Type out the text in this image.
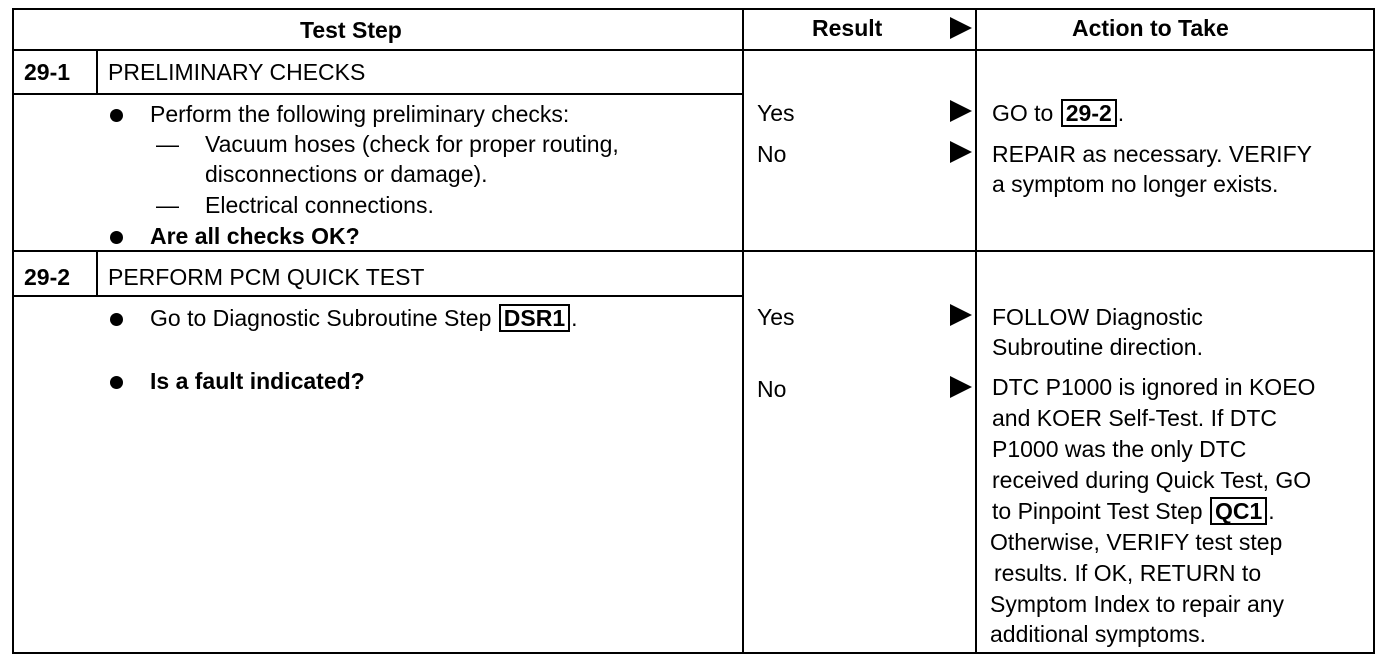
Test Step	Result	Action to Take
29-1 PRELIMINARY CHECKS
Perform the following preliminary checks:
— Vacuum hoses (check for proper routing,
disconnections or damage).
— Electrical connections.
Are all checks OK?
Yes	GO to 29-2 .
No	REPAIR as necessary. VERIFY
a symptom no longer exists.
29-2 PERFORM PCM QUICK TEST
Go to Diagnostic Subroutine Step DSR1 .
Is a fault indicated?
Yes	FOLLOW Diagnostic
Subroutine direction.
No	DTC P1000 is ignored in KOEO
and KOER Self-Test. If DTC
P1000 was the only DTC
received during Quick Test, GO
to Pinpoint Test Step QC1 .
Otherwise, VERIFY test step
results. If OK, RETURN to
Symptom Index to repair any
additional symptoms.
